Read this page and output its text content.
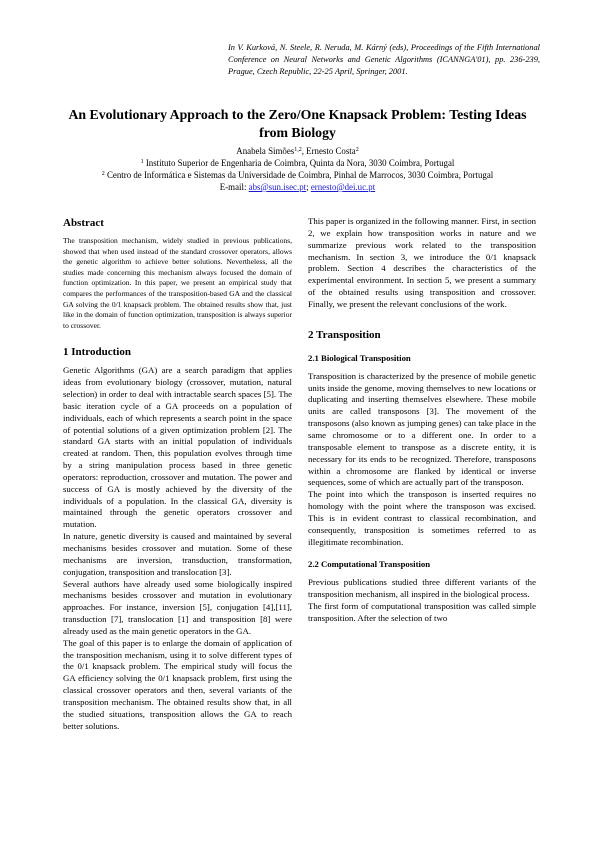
In V. Kurková, N. Steele, R. Neruda, M. Kárný (eds), Proceedings of the Fifth International Conference on Neural Networks and Genetic Algorithms (ICANNGA'01), pp. 236-239, Prague, Czech Republic, 22-25 April, Springer, 2001.
An Evolutionary Approach to the Zero/One Knapsack Problem: Testing Ideas from Biology
Anabela Simões$^{1,2}$, Ernesto Costa$^2$
$^1$ Instituto Superior de Engenharia de Coimbra, Quinta da Nora, 3030 Coimbra, Portugal
$^2$ Centro de Informática e Sistemas da Universidade de Coimbra, Pinhal de Marrocos, 3030 Coimbra, Portugal
E-mail: abs@sun.isec.pt; ernesto@dei.uc.pt

Abstract

The transposition mechanism, widely studied in previous publications, showed that when used instead of the standard crossover operators, allows the genetic algorithm to achieve better solutions. Nevertheless, all the studies made concerning this mechanism always focused the domain of function optimization. In this paper, we present an empirical study that compares the performances of the transposition-based GA and the classical GA solving the 0/1 knapsack problem. The obtained results show that, just like in the domain of function optimization, transposition is always superior to crossover.

1 Introduction

Genetic Algorithms (GA) are a search paradigm that applies ideas from evolutionary biology (crossover, mutation, natural selection) in order to deal with intractable search spaces [5]. The basic iteration cycle of a GA proceeds on a population of individuals, each of which represents a search point in the space of potential solutions of a given optimization problem [2]. The standard GA starts with an initial population of individuals created at random. Then, this population evolves through time by a string manipulation process based in three genetic operators: reproduction, crossover and mutation. The power and success of GA is mostly achieved by the diversity of the individuals of a population. In the classical GA, diversity is maintained through the genetic operators crossover and mutation.

In nature, genetic diversity is caused and maintained by several mechanisms besides crossover and mutation. Some of these mechanisms are inversion, transduction, transformation, conjugation, transposition and translocation [3].

Several authors have already used some biologically inspired mechanisms besides crossover and mutation in evolutionary approaches. For instance, inversion [5], conjugation [4],[11], transduction [7], translocation [1] and transposition [8] were already used as the main genetic operators in the GA.

The goal of this paper is to enlarge the domain of application of the transposition mechanism, using it to solve different types of the 0/1 knapsack problem. The empirical study will focus the GA efficiency solving the 0/1 knapsack problem, first using the classical crossover operators and then, several variants of the transposition mechanism. The obtained results show that, in all the studied situations, transposition allows the GA to reach better solutions.

This paper is organized in the following manner. First, in section 2, we explain how transposition works in nature and we summarize previous work related to the transposition mechanism. In section 3, we introduce the 0/1 knapsack problem. Section 4 describes the characteristics of the experimental environment. In section 5, we present a summary of the obtained results using transposition and crossover. Finally, we present the relevant conclusions of the work.

2 Transposition

2.1 Biological Transposition

Transposition is characterized by the presence of mobile genetic units inside the genome, moving themselves to new locations or duplicating and inserting themselves elsewhere. These mobile units are called transposons [3]. The movement of the transposons (also known as jumping genes) can take place in the same chromosome or to a different one. In order to a transposable element to transpose as a discrete entity, it is necessary for its ends to be recognized. Therefore, transposons within a chromosome are flanked by identical or inverse sequences, some of which are actually part of the transposon.

The point into which the transposon is inserted requires no homology with the point where the transposon was excised. This is in evident contrast to classical recombination, and consequently, transposition is sometimes referred to as illegitimate recombination.

2.2 Computational Transposition

Previous publications studied three different variants of the transposition mechanism, all inspired in the biological process.

The first form of computational transposition was called simple transposition. After the selection of two
